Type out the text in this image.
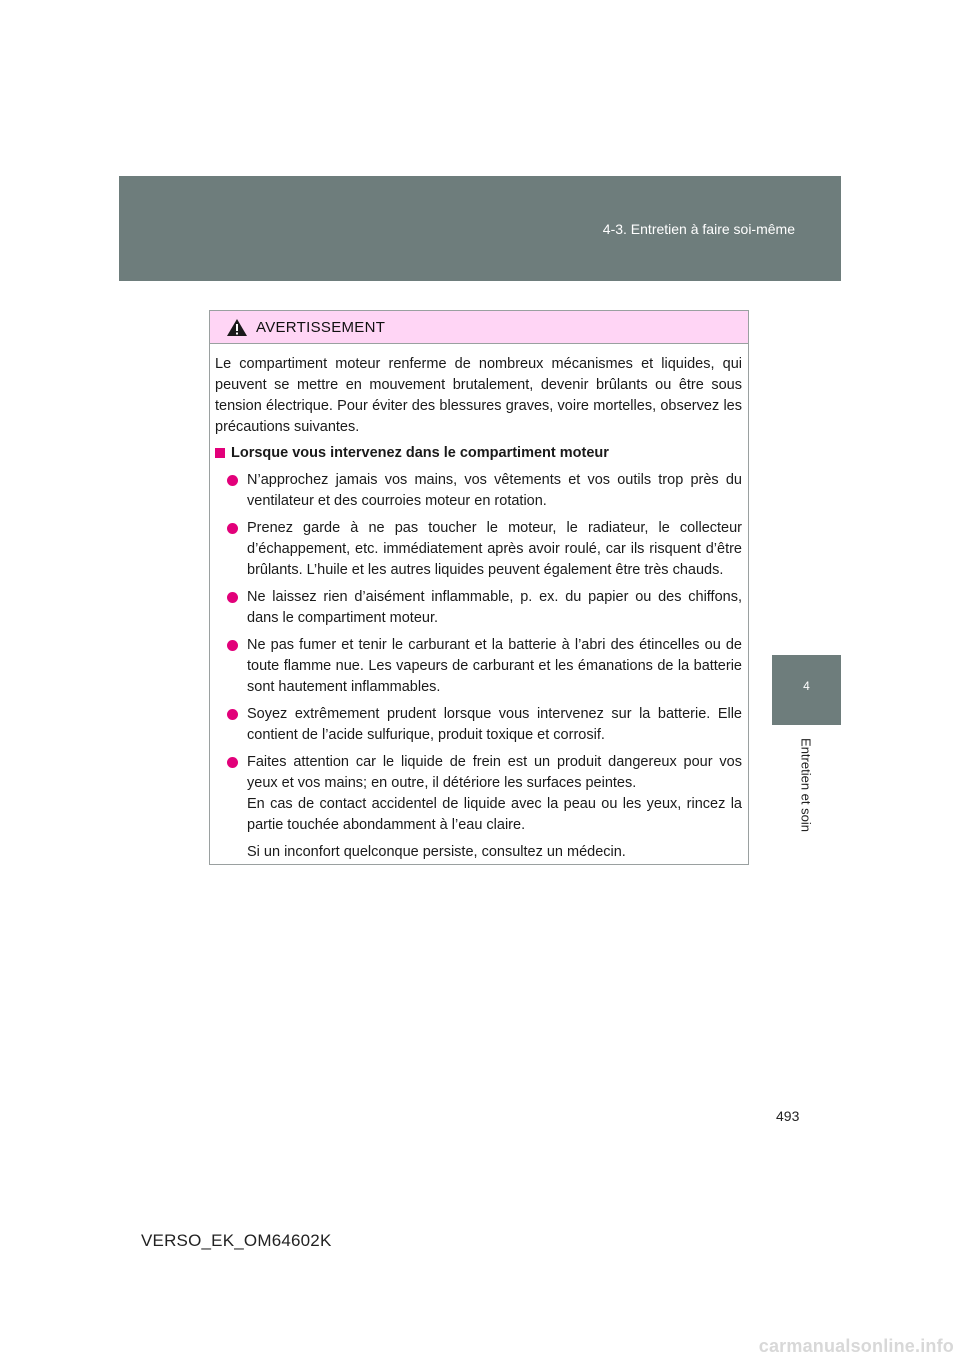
4-3. Entretien à faire soi-même
4
Entretien et soin
AVERTISSEMENT

Le compartiment moteur renferme de nombreux mécanismes et liquides, qui peuvent se mettre en mouvement brutalement, devenir brûlants ou être sous tension électrique. Pour éviter des blessures graves, voire mortelles, observez les précautions suivantes.

Lorsque vous intervenez dans le compartiment moteur
N’approchez jamais vos mains, vos vêtements et vos outils trop près du ventilateur et des courroies moteur en rotation.
Prenez garde à ne pas toucher le moteur, le radiateur, le collecteur d’échappement, etc. immédiatement après avoir roulé, car ils risquent d’être brûlants. L’huile et les autres liquides peuvent également être très chauds.
Ne laissez rien d’aisément inflammable, p. ex. du papier ou des chiffons, dans le compartiment moteur.
Ne pas fumer et tenir le carburant et la batterie à l’abri des étincelles ou de toute flamme nue. Les vapeurs de carburant et les émanations de la batterie sont hautement inflammables.
Soyez extrêmement prudent lorsque vous intervenez sur la batterie. Elle contient de l’acide sulfurique, produit toxique et corrosif.
Faites attention car le liquide de frein est un produit dangereux pour vos yeux et vos mains; en outre, il détériore les surfaces peintes.
En cas de contact accidentel de liquide avec la peau ou les yeux, rincez la partie touchée abondamment à l’eau claire.
Si un inconfort quelconque persiste, consultez un médecin.
493
VERSO_EK_OM64602K
carmanualsonline.info
